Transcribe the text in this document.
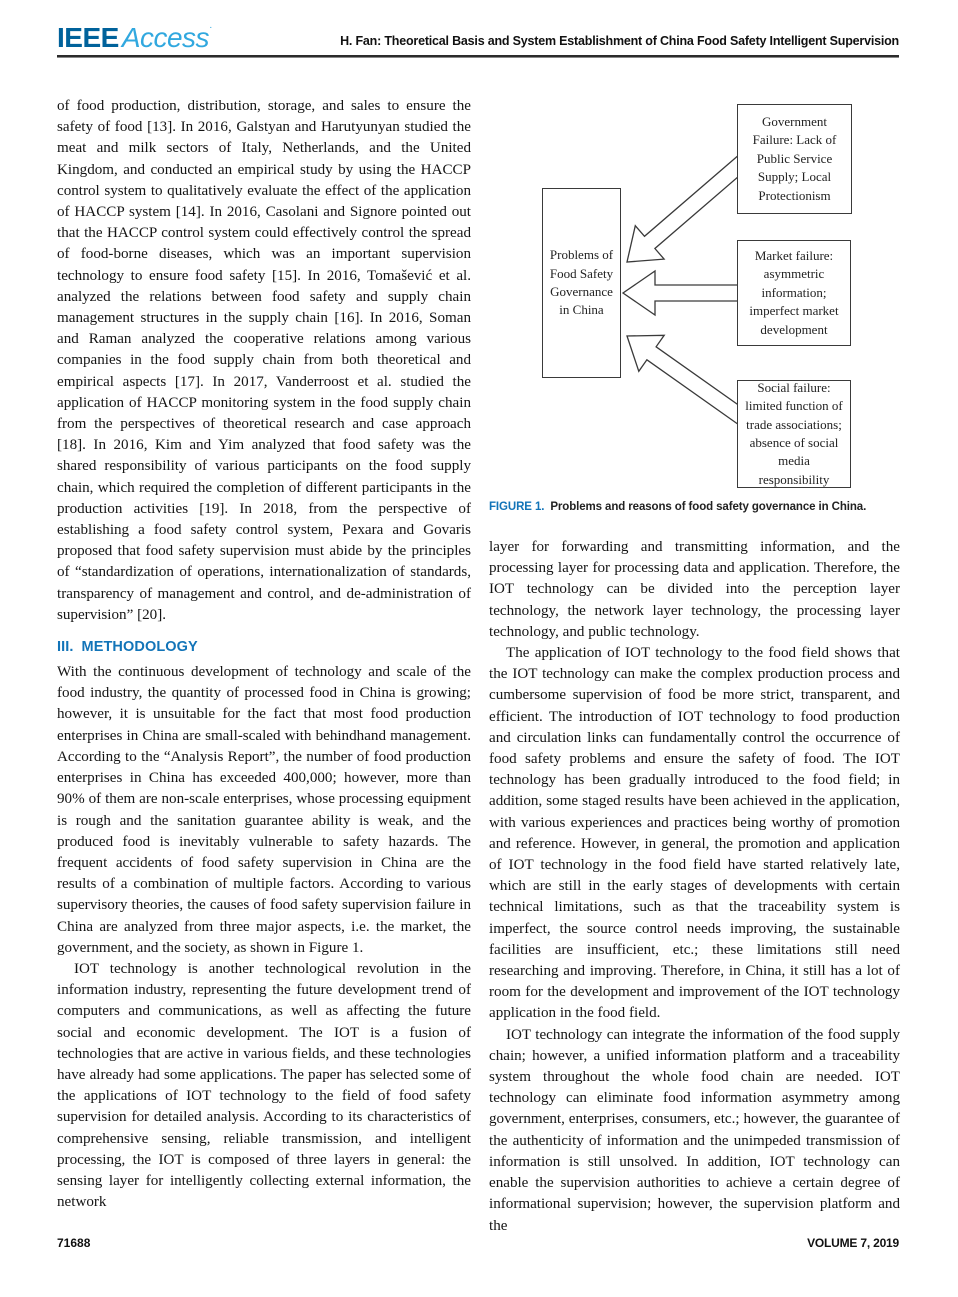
IEEE Access·
H. Fan: Theoretical Basis and System Establishment of China Food Safety Intelligent Supervision

of food production, distribution, storage, and sales to ensure the safety of food [13]. In 2016, Galstyan and Harutyunyan studied the meat and milk sectors of Italy, Netherlands, and the United Kingdom, and conducted an empirical study by using the HACCP control system to qualitatively evaluate the effect of the application of HACCP system [14]. In 2016, Casolani and Signore pointed out that the HACCP control system could effectively control the spread of food-borne diseases, which was an important supervision technology to ensure food safety [15]. In 2016, Tomašević et al. analyzed the relations between food safety and supply chain management structures in the supply chain [16]. In 2016, Soman and Raman analyzed the cooperative relations among various companies in the food supply chain from both theoretical and empirical aspects [17]. In 2017, Vanderroost et al. studied the application of HACCP monitoring system in the food supply chain from the perspectives of theoretical research and case approach [18]. In 2016, Kim and Yim analyzed that food safety was the shared responsibility of various participants on the food supply chain, which required the completion of different participants in the production activities [19]. In 2018, from the perspective of establishing a food safety control system, Pexara and Govaris proposed that food safety supervision must abide by the principles of “standardization of operations, internationalization of standards, transparency of management and control, and de-administration of supervision” [20].

III. METHODOLOGY

With the continuous development of technology and scale of the food industry, the quantity of processed food in China is growing; however, it is unsuitable for the fact that most food production enterprises in China are small-scaled with behindhand management. According to the “Analysis Report”, the number of food production enterprises in China has exceeded 400,000; however, more than 90% of them are non-scale enterprises, whose processing equipment is rough and the sanitation guarantee ability is weak, and the produced food is inevitably vulnerable to safety hazards. The frequent accidents of food safety supervision in China are the results of a combination of multiple factors. According to various supervisory theories, the causes of food safety supervision failure in China are analyzed from three major aspects, i.e. the market, the government, and the society, as shown in Figure 1.

IOT technology is another technological revolution in the information industry, representing the future development trend of computers and communications, as well as affecting the future social and economic development. The IOT is a fusion of technologies that are active in various fields, and these technologies have already had some applications. The paper has selected some of the applications of IOT technology to the field of food safety supervision for detailed analysis. According to its characteristics of comprehensive sensing, reliable transmission, and intelligent processing, the IOT is composed of three layers in general: the sensing layer for intelligently collecting external information, the network

Problems of Food Safety Governance in China
Government Failure: Lack of Public Service Supply; Local Protectionism
Market failure: asymmetric information; imperfect market development
Social failure: limited function of trade associations; absence of social media responsibility
FIGURE 1. Problems and reasons of food safety governance in China.

layer for forwarding and transmitting information, and the processing layer for processing data and application. Therefore, the IOT technology can be divided into the perception layer technology, the network layer technology, the processing layer technology, and public technology.

The application of IOT technology to the food field shows that the IOT technology can make the complex production process and cumbersome supervision of food be more strict, transparent, and efficient. The introduction of IOT technology to food production and circulation links can fundamentally control the occurrence of food safety problems and ensure the safety of food. The IOT technology has been gradually introduced to the food field; in addition, some staged results have been achieved in the application, with various experiences and practices being worthy of promotion and reference. However, in general, the promotion and application of IOT technology in the food field have started relatively late, which are still in the early stages of developments with certain technical limitations, such as that the traceability system is imperfect, the source control needs improving, the sustainable facilities are insufficient, etc.; these limitations still need researching and improving. Therefore, in China, it still has a lot of room for the development and improvement of the IOT technology application in the food field.

IOT technology can integrate the information of the food supply chain; however, a unified information platform and a traceability system throughout the whole food chain are needed. IOT technology can eliminate food information asymmetry among government, enterprises, consumers, etc.; however, the guarantee of the authenticity of information and the unimpeded transmission of information is still unsolved. In addition, IOT technology can enable the supervision authorities to achieve a certain degree of informational supervision; however, the supervision platform and the

71688	VOLUME 7, 2019
